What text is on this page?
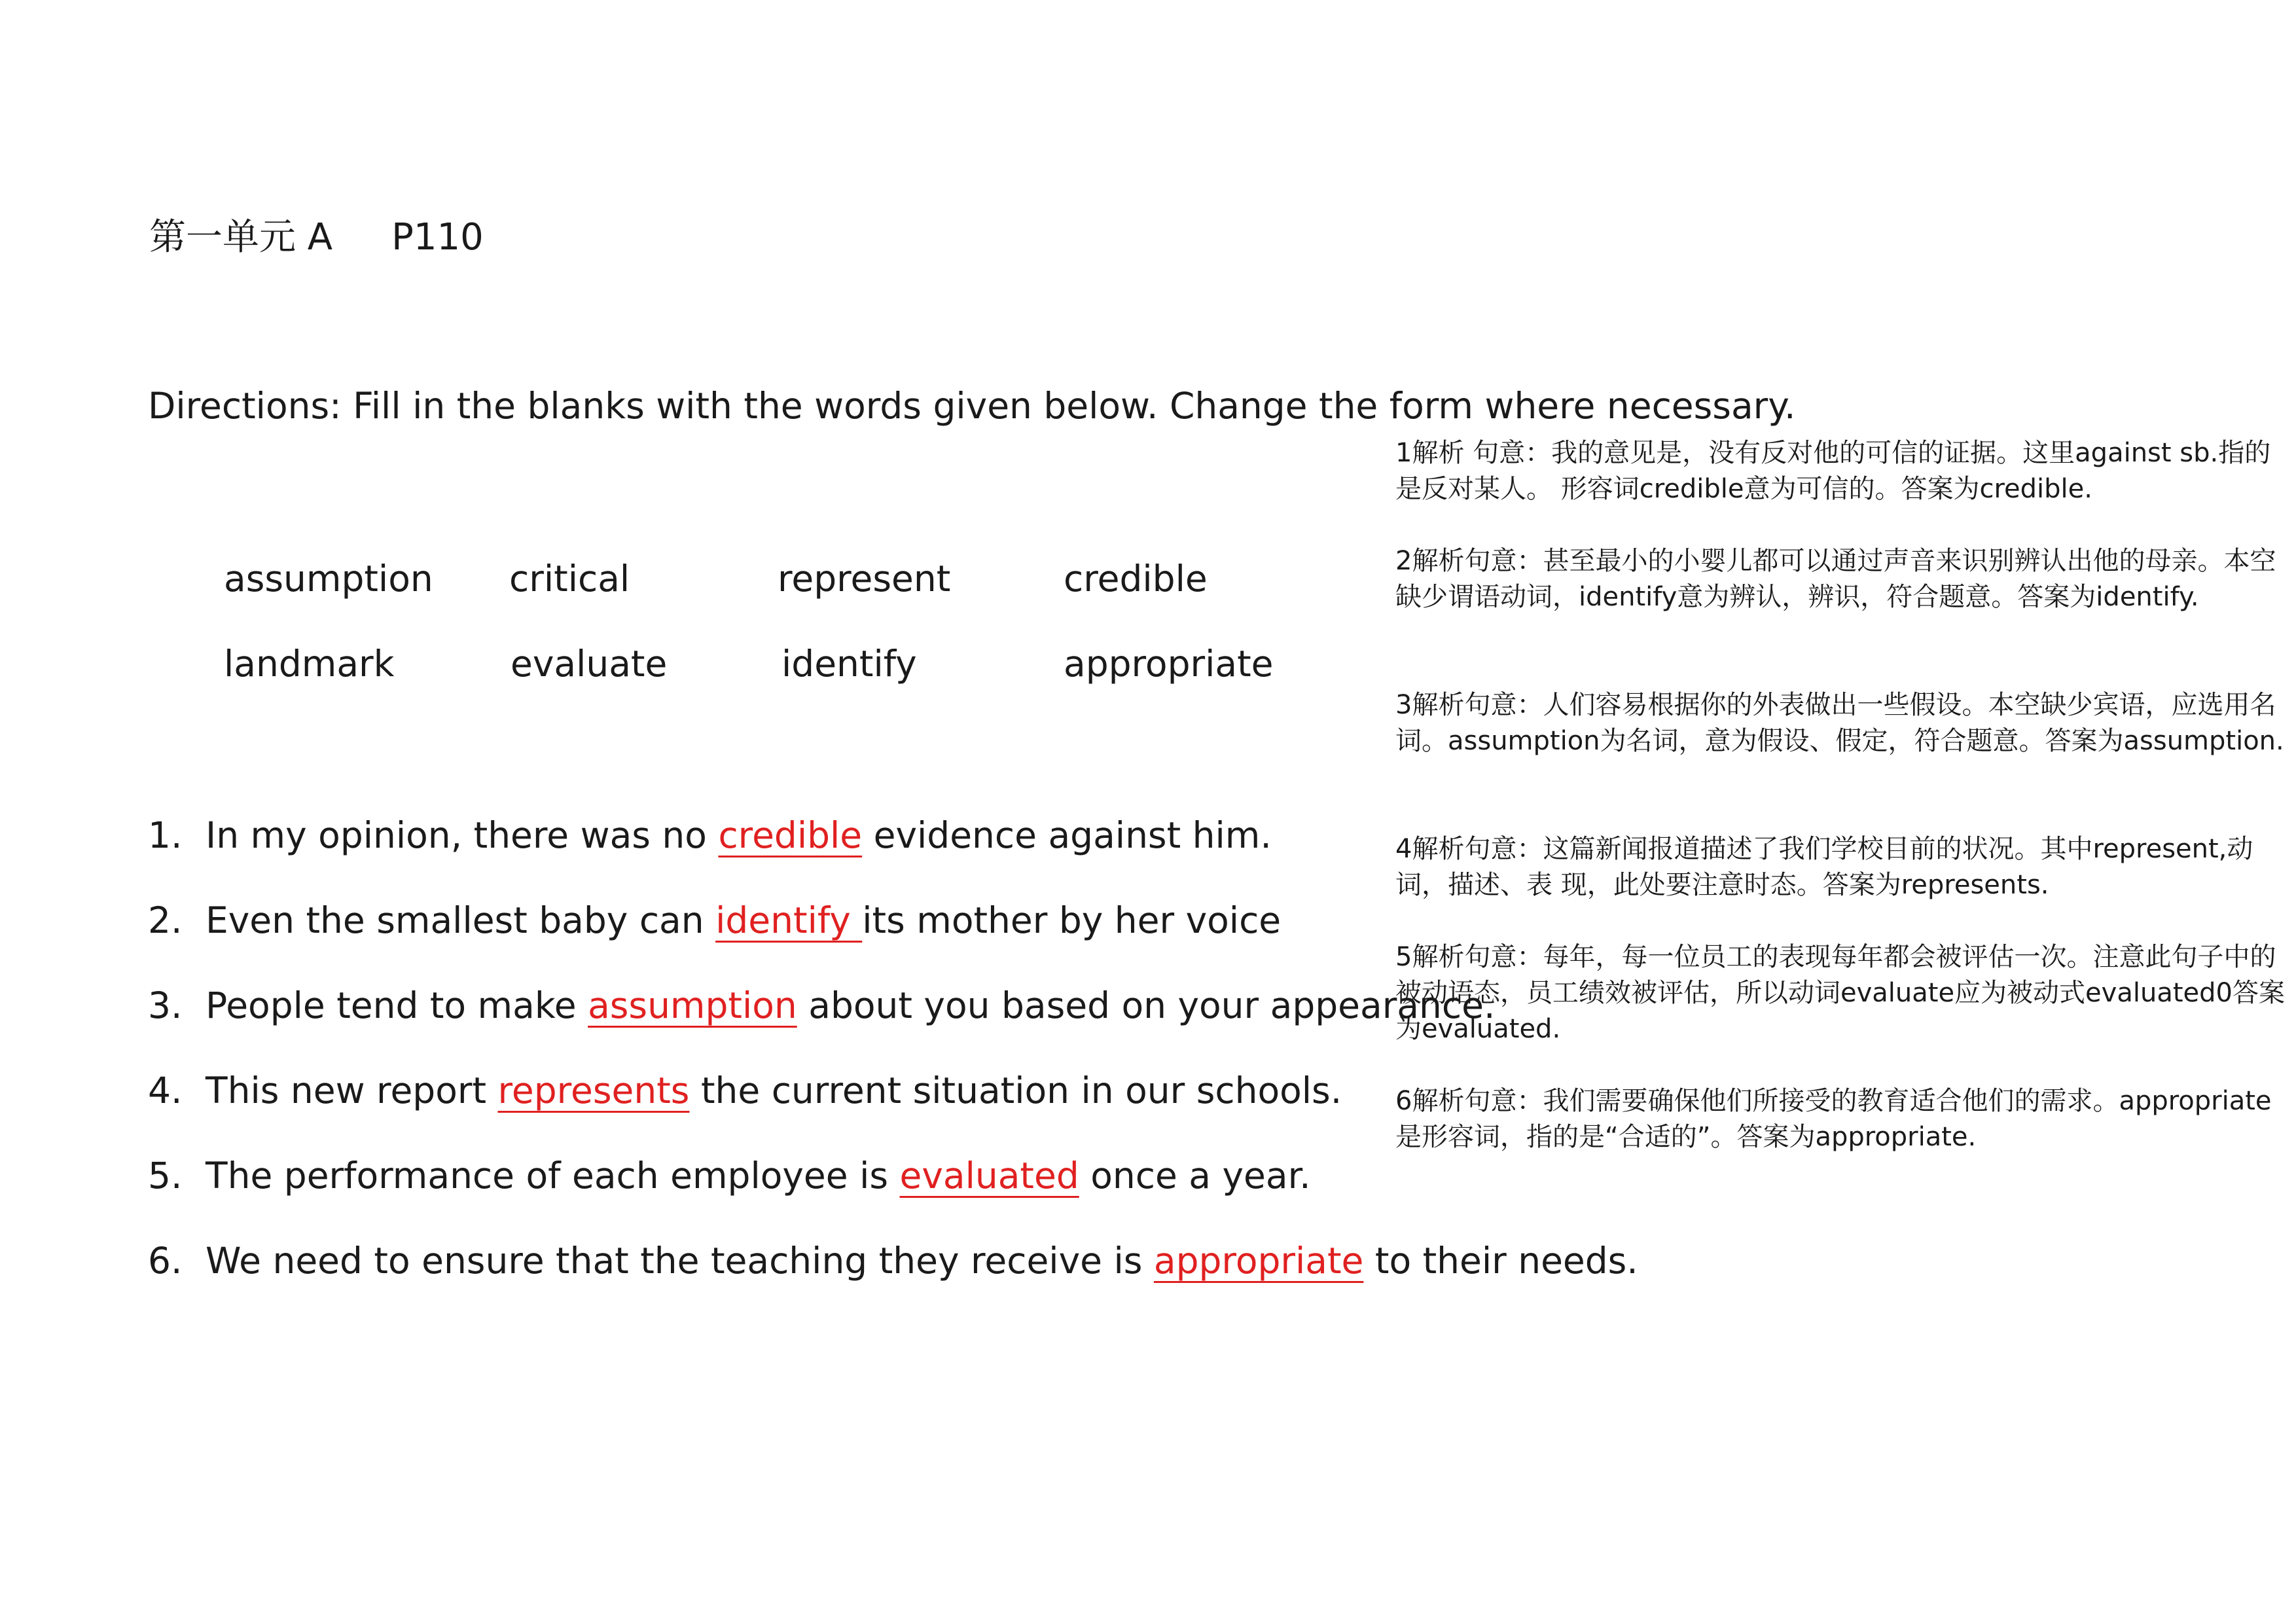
第一单元 A P110
Directions: Fill in the blanks with the words given below. Change the form where necessary.
assumption critical	represent	credible
landmark	evaluate	identify	appropriate
1. In my opinion, there was no credible evidence against him.
2. Even the smallest baby can identify its mother by her voice
3. People tend to make assumption about you based on your appearance.
4. This new report represents the current situation in our schools.
5. The performance of each employee is evaluated once a year.
6. We need to ensure that the teaching they receive is appropriate to their needs.
1解析 句意：我的意见是，没有反对他的可信的证据。这里against sb.指的是反对某人。 形容词credible意为可信的。答案为credible.
2解析句意：甚至最小的小婴儿都可以通过声音来识别辨认出他的母亲。本空缺少谓语动词，identify意为辨认，辨识，符合题意。答案为identify.
3解析句意：人们容易根据你的外表做出一些假设。本空缺少宾语，应选用名词。assumption为名词，意为假设、假定，符合题意。答案为assumption.
4解析句意：这篇新闻报道描述了我们学校目前的状况。其中represent,动词，描述、表 现，此处要注意时态。答案为represents.
5解析句意：每年，每一位员工的表现每年都会被评估一次。注意此句子中的被动语态，员工绩效被评估，所以动词evaluate应为被动式evaluated0答案为evaluated.
6解析句意：我们需要确保他们所接受的教育适合他们的需求。appropriate是形容词，指的是“合适的”。答案为appropriate.
